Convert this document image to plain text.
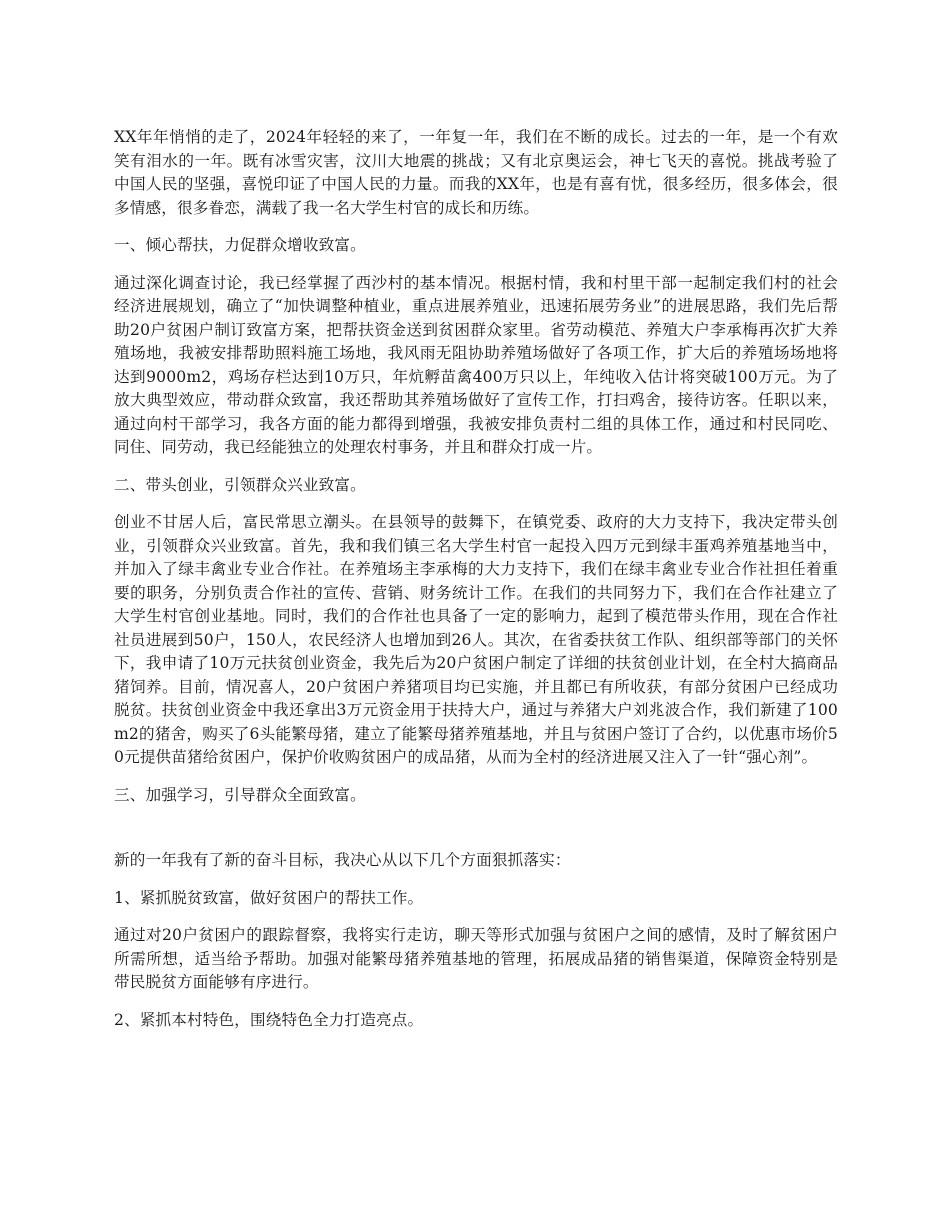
XX年年悄悄的走了，2024年轻轻的来了，一年复一年，我们在不断的成长。过去的一年，是一个有欢笑有泪水的一年。既有冰雪灾害，汶川大地震的挑战；又有北京奥运会，神七飞天的喜悦。挑战考验了中国人民的坚强，喜悦印证了中国人民的力量。而我的XX年，也是有喜有忧，很多经历，很多体会，很多情感，很多眷恋，满载了我一名大学生村官的成长和历练。

一、倾心帮扶，力促群众增收致富。

通过深化调查讨论，我已经掌握了西沙村的基本情况。根据村情，我和村里干部一起制定我们村的社会经济进展规划，确立了“加快调整种植业，重点进展养殖业，迅速拓展劳务业”的进展思路，我们先后帮助20户贫困户制订致富方案，把帮扶资金送到贫困群众家里。省劳动模范、养殖大户李承梅再次扩大养殖场地，我被安排帮助照料施工场地，我风雨无阻协助养殖场做好了各项工作，扩大后的养殖场场地将达到9000m2，鸡场存栏达到10万只，年炕孵苗禽400万只以上，年纯收入估计将突破100万元。为了放大典型效应，带动群众致富，我还帮助其养殖场做好了宣传工作，打扫鸡舍，接待访客。任职以来，通过向村干部学习，我各方面的能力都得到增强，我被安排负责村二组的具体工作，通过和村民同吃、同住、同劳动，我已经能独立的处理农村事务，并且和群众打成一片。

二、带头创业，引领群众兴业致富。

创业不甘居人后，富民常思立潮头。在县领导的鼓舞下，在镇党委、政府的大力支持下，我决定带头创业，引领群众兴业致富。首先，我和我们镇三名大学生村官一起投入四万元到绿丰蛋鸡养殖基地当中，并加入了绿丰禽业专业合作社。在养殖场主李承梅的大力支持下，我们在绿丰禽业专业合作社担任着重要的职务，分别负责合作社的宣传、营销、财务统计工作。在我们的共同努力下，我们在合作社建立了大学生村官创业基地。同时，我们的合作社也具备了一定的影响力，起到了模范带头作用，现在合作社社员进展到50户，150人，农民经济人也增加到26人。其次，在省委扶贫工作队、组织部等部门的关怀下，我申请了10万元扶贫创业资金，我先后为20户贫困户制定了详细的扶贫创业计划，在全村大搞商品猪饲养。目前，情况喜人，20户贫困户养猪项目均已实施，并且都已有所收获，有部分贫困户已经成功脱贫。扶贫创业资金中我还拿出3万元资金用于扶持大户，通过与养猪大户刘兆波合作，我们新建了100m2的猪舍，购买了6头能繁母猪，建立了能繁母猪养殖基地，并且与贫困户签订了合约，以优惠市场价50元提供苗猪给贫困户，保护价收购贫困户的成品猪，从而为全村的经济进展又注入了一针“强心剂”。

三、加强学习，引导群众全面致富。

新的一年我有了新的奋斗目标，我决心从以下几个方面狠抓落实：

1、紧抓脱贫致富，做好贫困户的帮扶工作。

通过对20户贫困户的跟踪督察，我将实行走访，聊天等形式加强与贫困户之间的感情，及时了解贫困户所需所想，适当给予帮助。加强对能繁母猪养殖基地的管理，拓展成品猪的销售渠道，保障资金特别是带民脱贫方面能够有序进行。

2、紧抓本村特色，围绕特色全力打造亮点。
